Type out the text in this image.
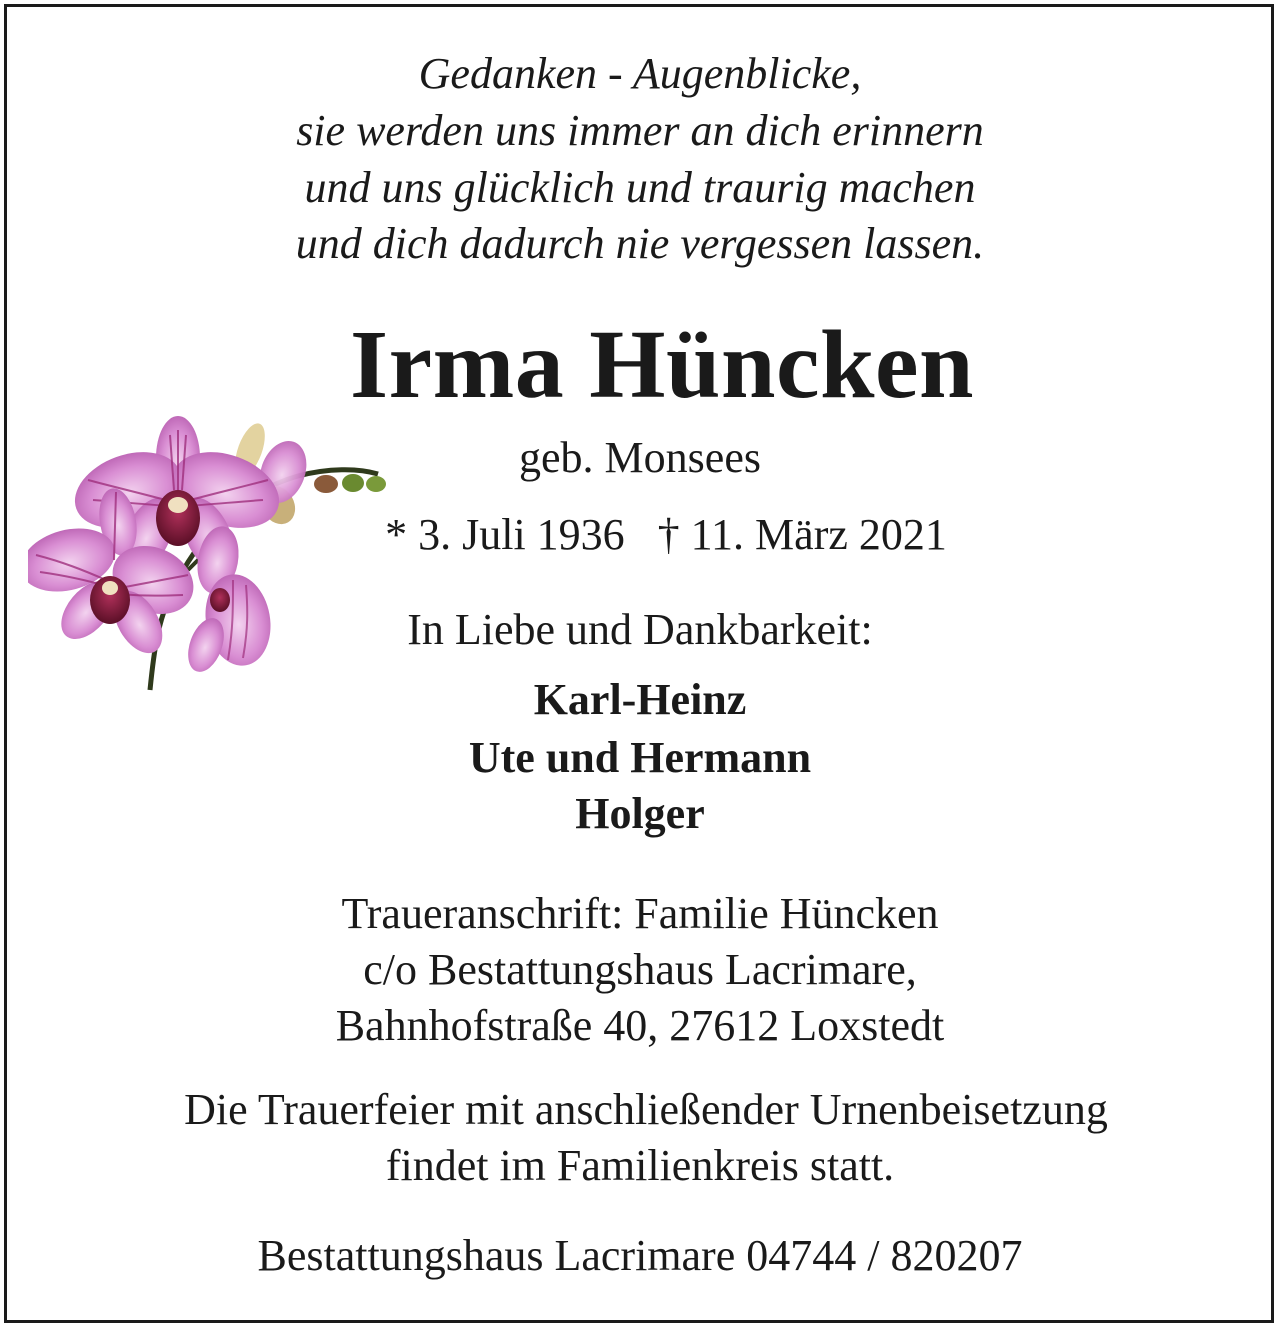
Gedanken - Augenblicke,
sie werden uns immer an dich erinnern
und uns glücklich und traurig machen
und dich dadurch nie vergessen lassen.
Irma Hüncken
geb. Monsees
* 3. Juli 1936   † 11. März 2021
In Liebe und Dankbarkeit:
Karl-Heinz
Ute und Hermann
Holger
Traueranschrift: Familie Hüncken
c/o Bestattungshaus Lacrimare,
Bahnhofstraße 40, 27612 Loxstedt
Die Trauerfeier mit anschließender Urnenbeisetzung
findet im Familienkreis statt.
Bestattungshaus Lacrimare 04744 / 820207
